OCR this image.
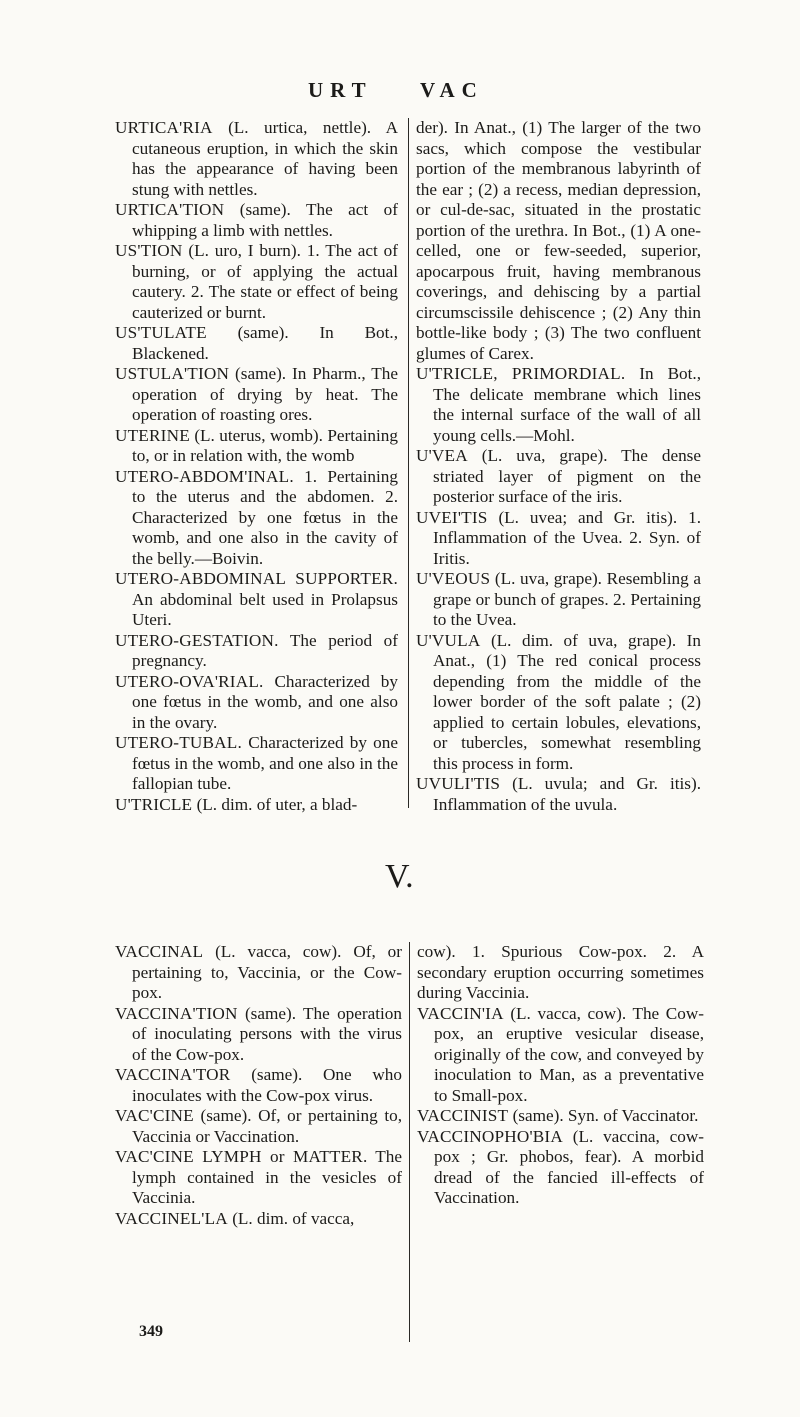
URT VAC

URTICA'RIA (L. urtica, nettle). A cutaneous eruption, in which the skin has the appearance of having been stung with nettles.

URTICA'TION (same). The act of whipping a limb with nettles.

US'TION (L. uro, I burn). 1. The act of burning, or of applying the actual cautery. 2. The state or effect of being cauterized or burnt.

US'TULATE (same). In Bot., Blackened.

USTULA'TION (same). In Pharm., The operation of drying by heat. The operation of roasting ores.

UTERINE (L. uterus, womb). Pertaining to, or in relation with, the womb

UTERO-ABDOM'INAL. 1. Pertaining to the uterus and the abdomen. 2. Characterized by one fœtus in the womb, and one also in the cavity of the belly.—Boivin.

UTERO-ABDOMINAL SUPPORTER. An abdominal belt used in Prolapsus Uteri.

UTERO-GESTATION. The period of pregnancy.

UTERO-OVA'RIAL. Characterized by one fœtus in the womb, and one also in the ovary.

UTERO-TUBAL. Characterized by one fœtus in the womb, and one also in the fallopian tube.

U'TRICLE (L. dim. of uter, a blad-

der). In Anat., (1) The larger of the two sacs, which compose the vestibular portion of the membranous labyrinth of the ear ; (2) a recess, median depression, or cul-de-sac, situated in the prostatic portion of the urethra. In Bot., (1) A one-celled, one or few-seeded, superior, apocarpous fruit, having membranous coverings, and dehiscing by a partial circumscissile dehiscence ; (2) Any thin bottle-like body ; (3) The two confluent glumes of Carex.

U'TRICLE, PRIMORDIAL. In Bot., The delicate membrane which lines the internal surface of the wall of all young cells.—Mohl.

U'VEA (L. uva, grape). The dense striated layer of pigment on the posterior surface of the iris.

UVEI'TIS (L. uvea; and Gr. itis). 1. Inflammation of the Uvea. 2. Syn. of Iritis.

U'VEOUS (L. uva, grape). Resembling a grape or bunch of grapes. 2. Pertaining to the Uvea.

U'VULA (L. dim. of uva, grape). In Anat., (1) The red conical process depending from the middle of the lower border of the soft palate ; (2) applied to certain lobules, elevations, or tubercles, somewhat resembling this process in form.

UVULI'TIS (L. uvula; and Gr. itis). Inflammation of the uvula.

V.

VACCINAL (L. vacca, cow). Of, or pertaining to, Vaccinia, or the Cow-pox.

VACCINA'TION (same). The operation of inoculating persons with the virus of the Cow-pox.

VACCINA'TOR (same). One who inoculates with the Cow-pox virus.

VAC'CINE (same). Of, or pertaining to, Vaccinia or Vaccination.

VAC'CINE LYMPH or MATTER. The lymph contained in the vesicles of Vaccinia.

VACCINEL'LA (L. dim. of vacca,

cow). 1. Spurious Cow-pox. 2. A secondary eruption occurring sometimes during Vaccinia.

VACCIN'IA (L. vacca, cow). The Cow-pox, an eruptive vesicular disease, originally of the cow, and conveyed by inoculation to Man, as a preventative to Small-pox.

VACCINIST (same). Syn. of Vaccinator.

VACCINOPHO'BIA (L. vaccina, cow-pox ; Gr. phobos, fear). A morbid dread of the fancied ill-effects of Vaccination.

349
